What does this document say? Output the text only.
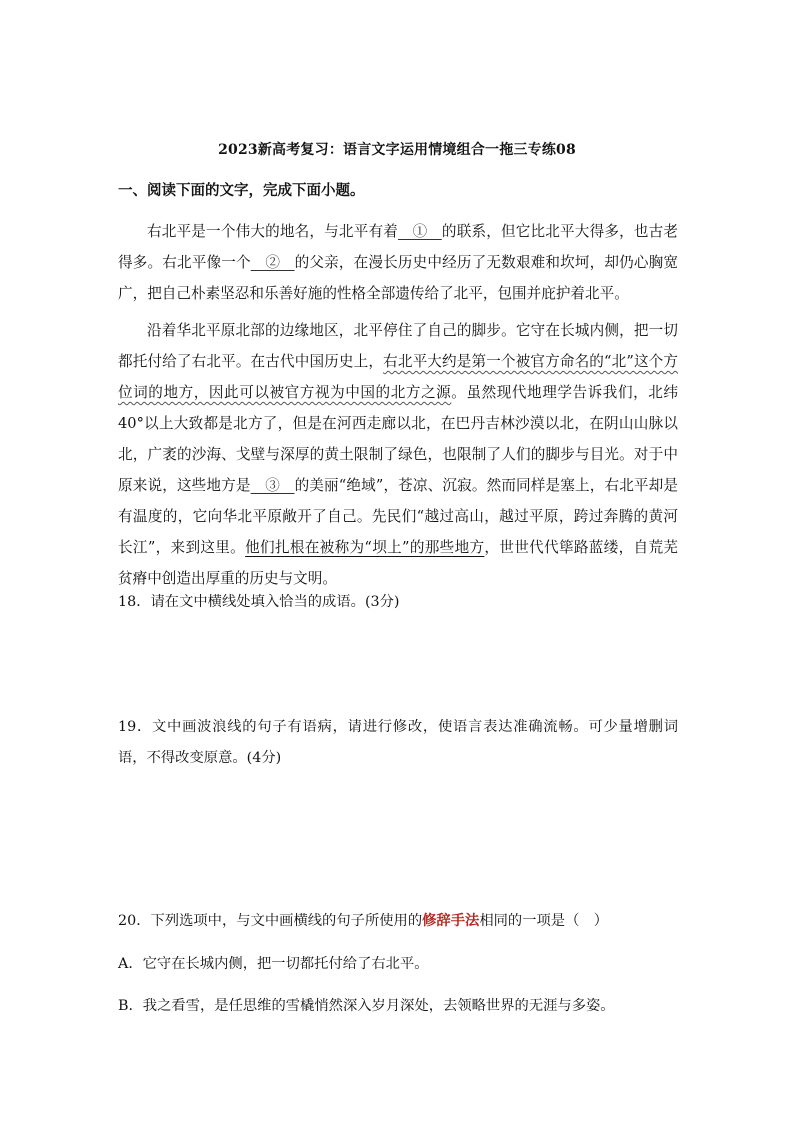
2023新高考复习：语言文字运用情境组合一拖三专练08
一、阅读下面的文字，完成下面小题。
右北平是一个伟大的地名，与北平有着　①　的联系，但它比北平大得多，也古老得多。右北平像一个　②　的父亲，在漫长历史中经历了无数艰难和坎坷，却仍心胸宽广，把自己朴素坚忍和乐善好施的性格全部遗传给了北平，包围并庇护着北平。
沿着华北平原北部的边缘地区，北平停住了自己的脚步。它守在长城内侧，把一切都托付给了右北平。在古代中国历史上，右北平大约是第一个被官方命名的“北”这个方位词的地方，因此可以被官方视为中国的北方之源。虽然现代地理学告诉我们，北纬40°以上大致都是北方了，但是在河西走廊以北，在巴丹吉林沙漠以北，在阴山山脉以北，广袤的沙海、戈壁与深厚的黄土限制了绿色，也限制了人们的脚步与目光。对于中原来说，这些地方是　③　的美丽“绝域”，苍凉、沉寂。然而同样是塞上，右北平却是有温度的，它向华北平原敞开了自己。先民们“越过高山，越过平原，跨过奔腾的黄河长江”，来到这里。他们扎根在被称为“坝上”的那些地方，世世代代筚路蓝缕，自荒芜贫瘠中创造出厚重的历史与文明。
18．请在文中横线处填入恰当的成语。(3分)
19．文中画波浪线的句子有语病，请进行修改，使语言表达准确流畅。可少量增删词语，不得改变原意。(4分)
20．下列选项中，与文中画横线的句子所使用的修辞手法相同的一项是（　）
A．它守在长城内侧，把一切都托付给了右北平。
B．我之看雪，是任思维的雪橇悄然深入岁月深处，去领略世界的无涯与多姿。
